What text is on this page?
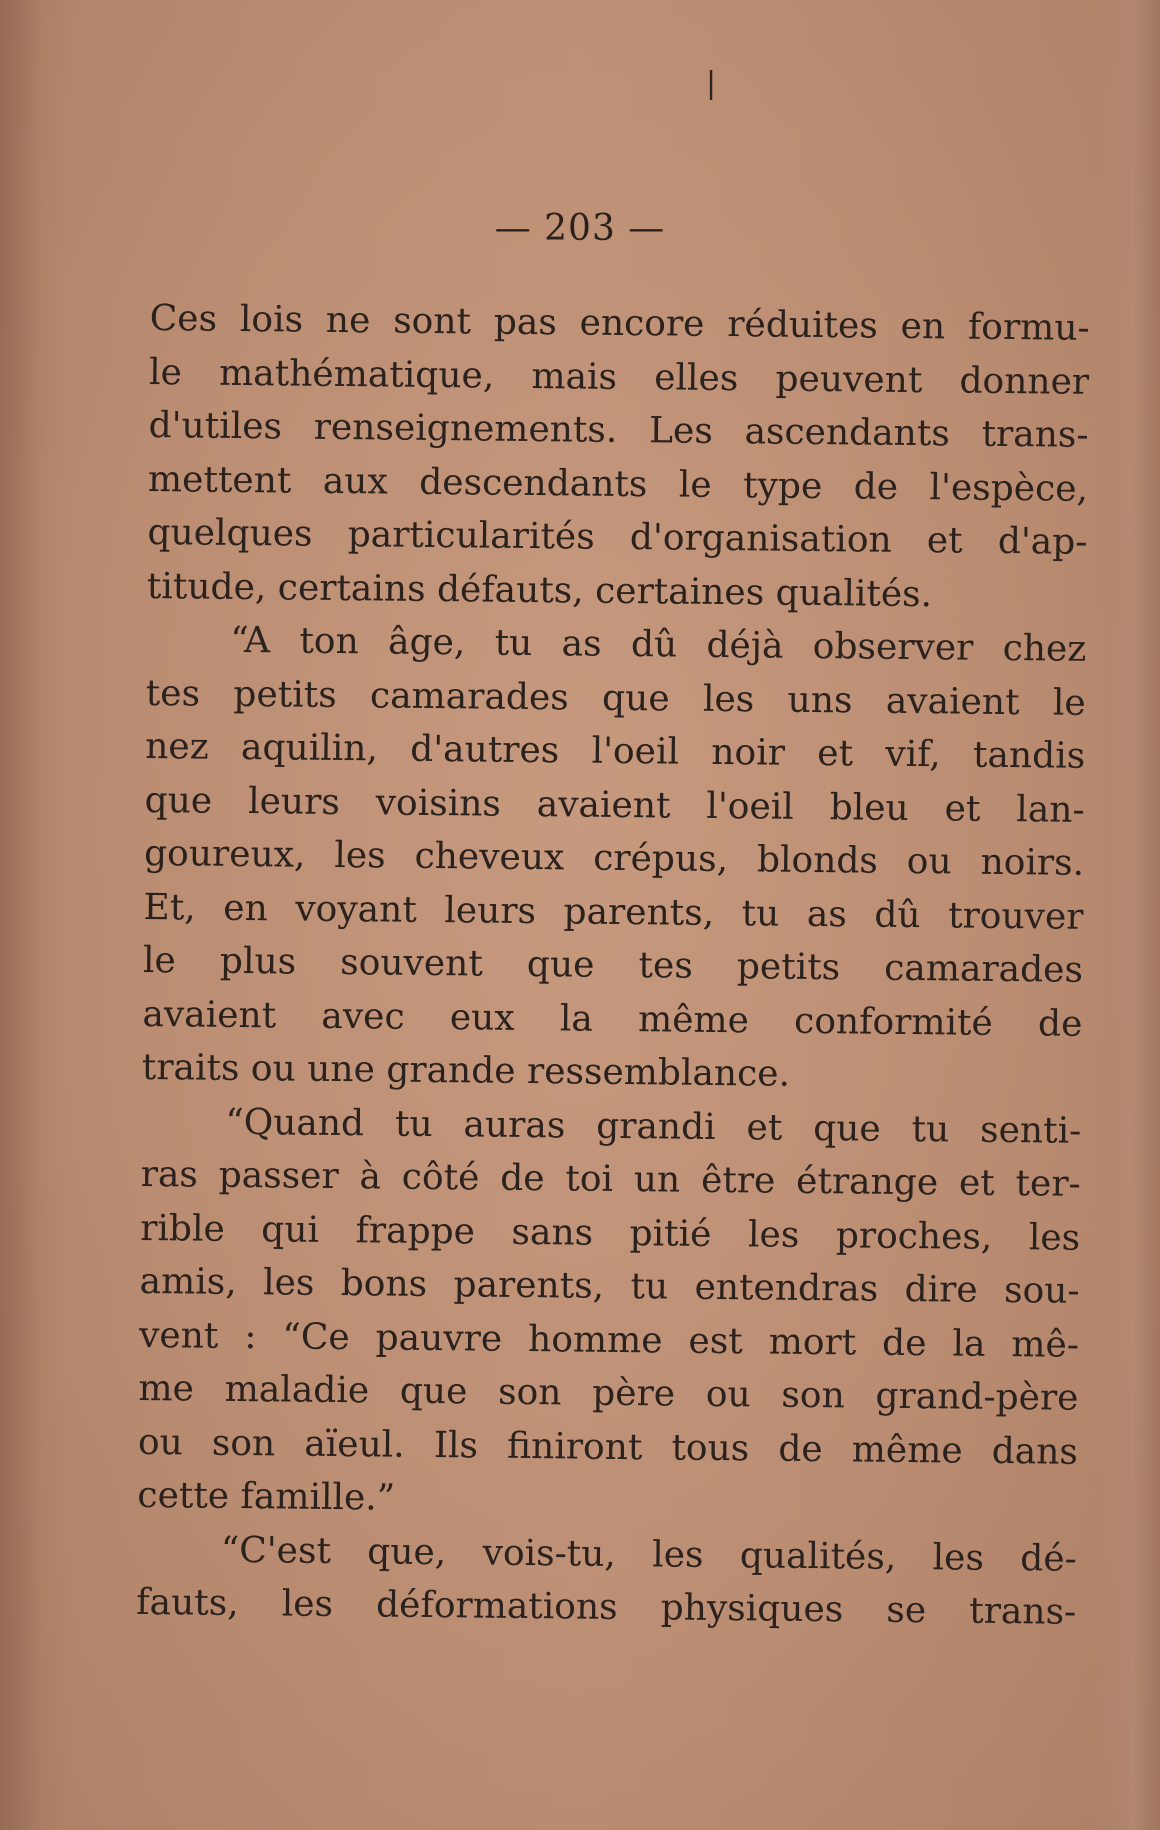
|
— 203 —
Ces lois ne sont pas encore réduites en formu-
le mathématique, mais elles peuvent donner
d'utiles renseignements. Les ascendants trans-
mettent aux descendants le type de l'espèce,
quelques particularités d'organisation et d'ap-
titude, certains défauts, certaines qualités.
“A ton âge, tu as dû déjà observer chez
tes petits camarades que les uns avaient le
nez aquilin, d'autres l'oeil noir et vif, tandis
que leurs voisins avaient l'oeil bleu et lan-
goureux, les cheveux crépus, blonds ou noirs.
Et, en voyant leurs parents, tu as dû trouver
le plus souvent que tes petits camarades
avaient avec eux la même conformité de
traits ou une grande ressemblance.
“Quand tu auras grandi et que tu senti-
ras passer à côté de toi un être étrange et ter-
rible qui frappe sans pitié les proches, les
amis, les bons parents, tu entendras dire sou-
vent : “Ce pauvre homme est mort de la mê-
me maladie que son père ou son grand-père
ou son aïeul. Ils finiront tous de même dans
cette famille.”
“C'est que, vois-tu, les qualités, les dé-
fauts, les déformations physiques se trans-
